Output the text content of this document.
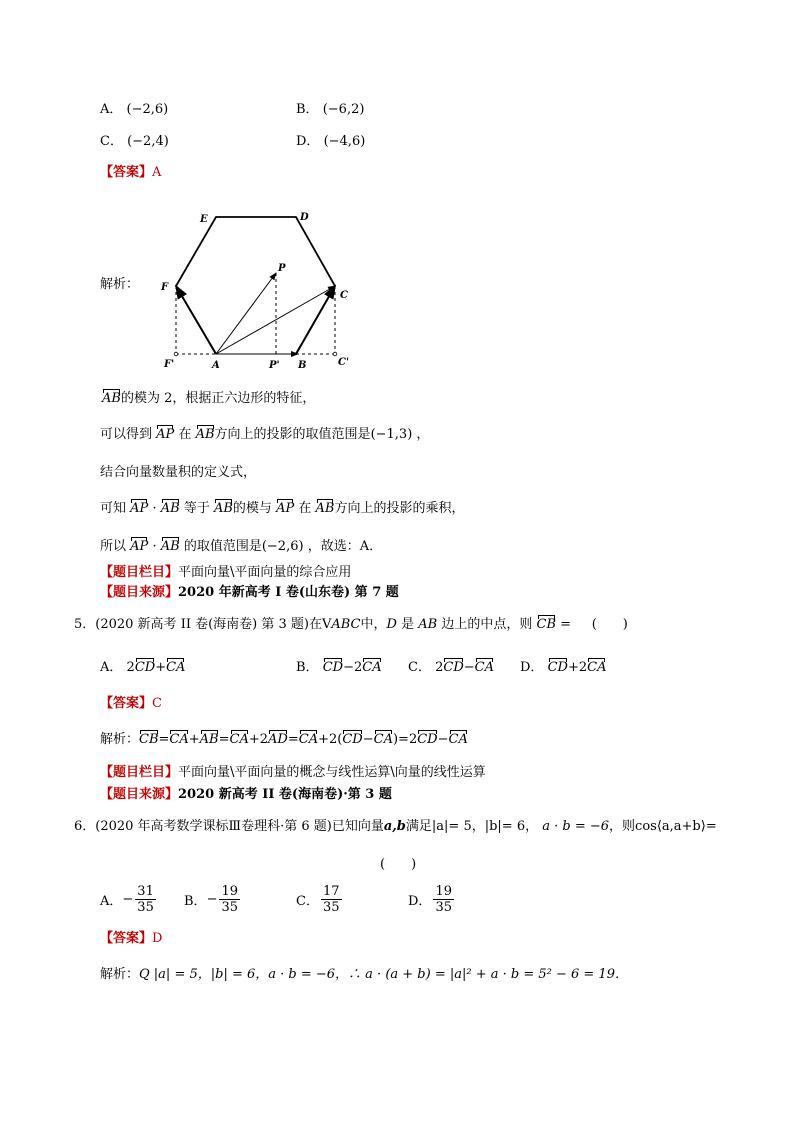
A． (−2,6)	B． (−6,2)
C． (−2,4)	D． (−4,6)
【答案】A
解析：
E	D
P
F
C
F'	A	P' B	C'
AB的模为 2，根据正六边形的特征，
可以得到 AP 在 AB方向上的投影的取值范围是(−1,3) ，
结合向量数量积的定义式，
可知 AP · AB 等于 AB的模与 AP 在 AB方向上的投影的乘积，
所以 AP · AB 的取值范围是(−2,6) ，故选：A．
【题目栏目】平面向量\平面向量的综合应用
【题目来源】2020 年新高考 I 卷(山东卷) 第 7 题
5．(2020 新高考 II 卷(海南卷) 第 3 题)在VABC中，D 是 AB 边上的中点，则 CB = (　　)
A． 2CD+CA	B． CD−2CA C． 2CD−CA D． CD+2CA
【答案】C
解析：CB=CA+AB=CA+2AD=CA+2(CD−CA)=2CD−CA
【题目栏目】平面向量\平面向量的概念与线性运算\向量的线性运算
【题目来源】2020 新高考 II 卷(海南卷)·第 3 题
6．(2020 年高考数学课标Ⅲ卷理科·第 6 题)已知向量a,b满足|a|= 5，|b|= 6， a · b = −6，则cos⟨a,a+b⟩=
(　　)
A．− $\frac{31}{35}$ B．− $\frac{19}{35}$	C． $\frac{17}{35}$	D． $\frac{19}{35}$
【答案】D
解析：Q |a| = 5，|b| = 6，a · b = −6，∴ a · (a + b) = |a|² + a · b = 5² − 6 = 19．
